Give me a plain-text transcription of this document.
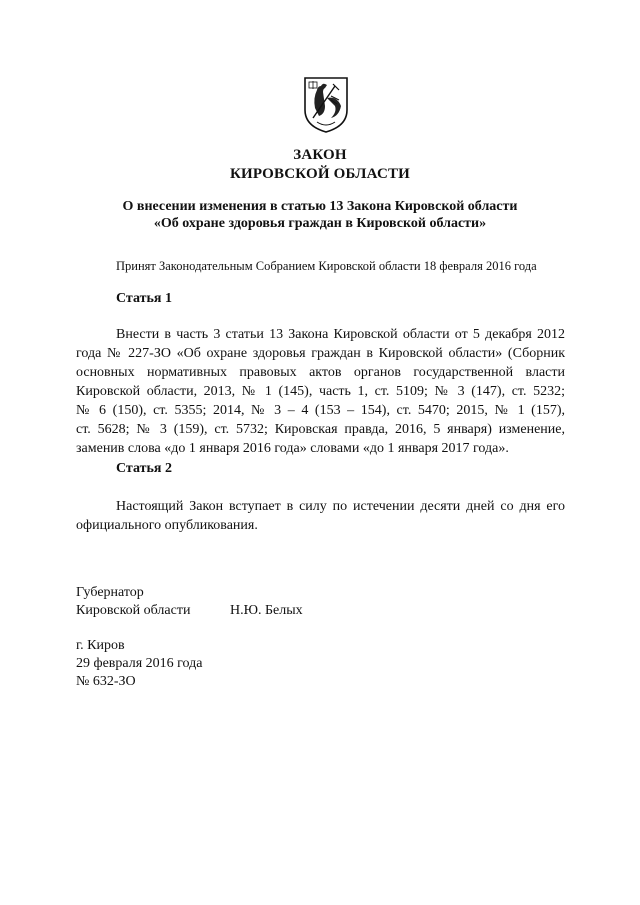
ЗАКОН
КИРОВСКОЙ ОБЛАСТИ
О внесении изменения в статью 13 Закона Кировской области
«Об охране здоровья граждан в Кировской области»
Принят Законодательным Собранием Кировской области 18 февраля 2016 года
Статья 1
Внести в часть 3 статьи 13 Закона Кировской области от 5 декабря 2012
года № 227-ЗО «Об охране здоровья граждан в Кировской области» (Сборник
основных нормативных правовых актов органов государственной власти
Кировской области, 2013, № 1 (145), часть 1, ст. 5109; № 3 (147), ст. 5232;
№ 6 (150), ст. 5355; 2014, № 3 – 4 (153 – 154), ст. 5470; 2015, № 1 (157),
ст. 5628; № 3 (159), ст. 5732; Кировская правда, 2016, 5 января) изменение,
заменив слова «до 1 января 2016 года» словами «до 1 января 2017 года».
Статья 2
Настоящий Закон вступает в силу по истечении десяти дней со дня его
официального опубликования.
Губернатор
Кировской области	Н.Ю. Белых
г. Киров
29 февраля 2016 года
№ 632-ЗО
